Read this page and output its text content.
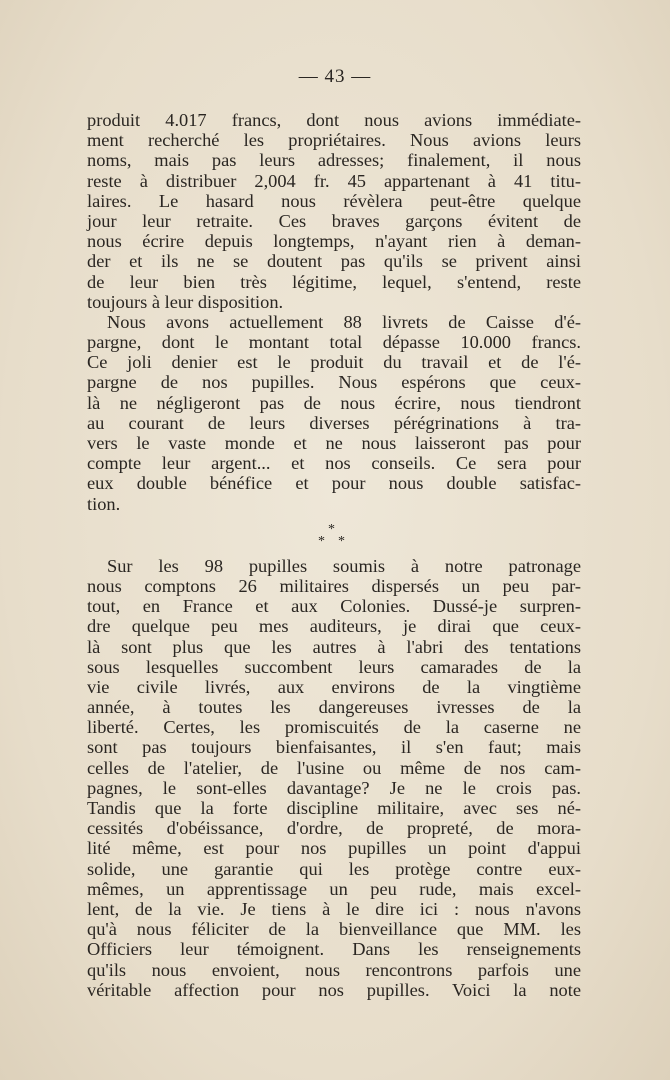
— 43 —
produit 4.017 francs, dont nous avions immédiate-
ment recherché les propriétaires. Nous avions leurs
noms, mais pas leurs adresses; finalement, il nous
reste à distribuer 2,004 fr. 45 appartenant à 41 titu-
laires. Le hasard nous révèlera peut-être quelque
jour leur retraite. Ces braves garçons évitent de
nous écrire depuis longtemps, n'ayant rien à deman-
der et ils ne se doutent pas qu'ils se privent ainsi
de leur bien très légitime, lequel, s'entend, reste
toujours à leur disposition.
Nous avons actuellement 88 livrets de Caisse d'é-
pargne, dont le montant total dépasse 10.000 francs.
Ce joli denier est le produit du travail et de l'é-
pargne de nos pupilles. Nous espérons que ceux-
là ne négligeront pas de nous écrire, nous tiendront
au courant de leurs diverses pérégrinations à tra-
vers le vaste monde et ne nous laisseront pas pour
compte leur argent... et nos conseils. Ce sera pour
eux double bénéfice et pour nous double satisfac-
tion.
*
* *
Sur les 98 pupilles soumis à notre patronage
nous comptons 26 militaires dispersés un peu par-
tout, en France et aux Colonies. Dussé-je surpren-
dre quelque peu mes auditeurs, je dirai que ceux-
là sont plus que les autres à l'abri des tentations
sous lesquelles succombent leurs camarades de la
vie civile livrés, aux environs de la vingtième
année, à toutes les dangereuses ivresses de la
liberté. Certes, les promiscuités de la caserne ne
sont pas toujours bienfaisantes, il s'en faut; mais
celles de l'atelier, de l'usine ou même de nos cam-
pagnes, le sont-elles davantage? Je ne le crois pas.
Tandis que la forte discipline militaire, avec ses né-
cessités d'obéissance, d'ordre, de propreté, de mora-
lité même, est pour nos pupilles un point d'appui
solide, une garantie qui les protège contre eux-
mêmes, un apprentissage un peu rude, mais excel-
lent, de la vie. Je tiens à le dire ici : nous n'avons
qu'à nous féliciter de la bienveillance que MM. les
Officiers leur témoignent. Dans les renseignements
qu'ils nous envoient, nous rencontrons parfois une
véritable affection pour nos pupilles. Voici la note
